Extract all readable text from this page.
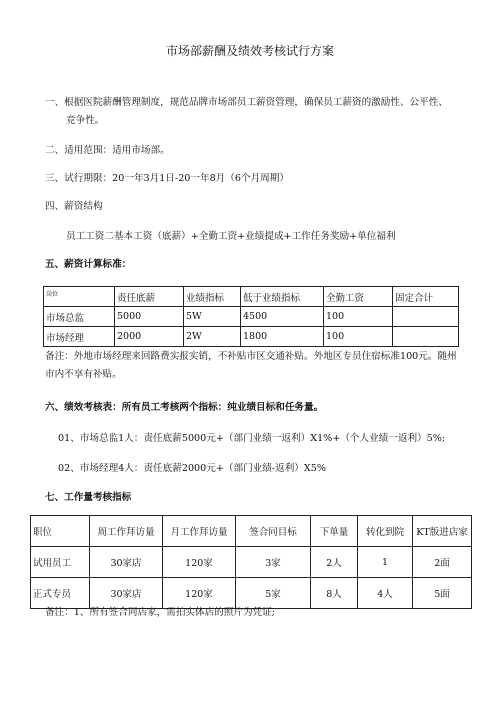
市场部薪酬及绩效考核试行方案
一、根据医院薪酬管理制度，规范品牌市场部员工薪资管理，确保员工薪资的激励性、公平性、
竞争性。
二、适用范围：适用市场部。
三、试行期限：20一年3月1日-20一年8月（6个月周期）
四、薪资结构
员工工资二基本工资（底薪）+全勤工资+业绩提成+工作任务奖励+单位福利
五、薪资计算标准：
$^{岗位}$	责任底薪	业绩指标	低于业绩指标	全勤工资	固定合计
市场总监	5000	5W	4500	100	
市场经理	2000	2W	1800	100	
备注：外地市场经理来回路费实报实销，不补贴市区交通补贴。外地区专员住宿标准100元。随州
市内不享有补贴。
六、绩效考核表：所有员工考核两个指标：纯业绩目标和任务量。
01、市场总监1人：责任底薪5000元+（部门业绩一返利）X1%+（个人业绩一返利）5%;
02、市场经理4人：责任底薪2000元+（部门业绩-返利）X5%
七、工作量考核指标
职位	周工作拜访量	月工作拜访量	签合同目标	下单量	转化到院	KT版进店家
试用员工	30家店	120家	3家	2人	1	2面
正式专员	30家店	120家	5家	8人	4人	5面
备注：1、所有签合同店家，需拍实体店的照片为凭证;
